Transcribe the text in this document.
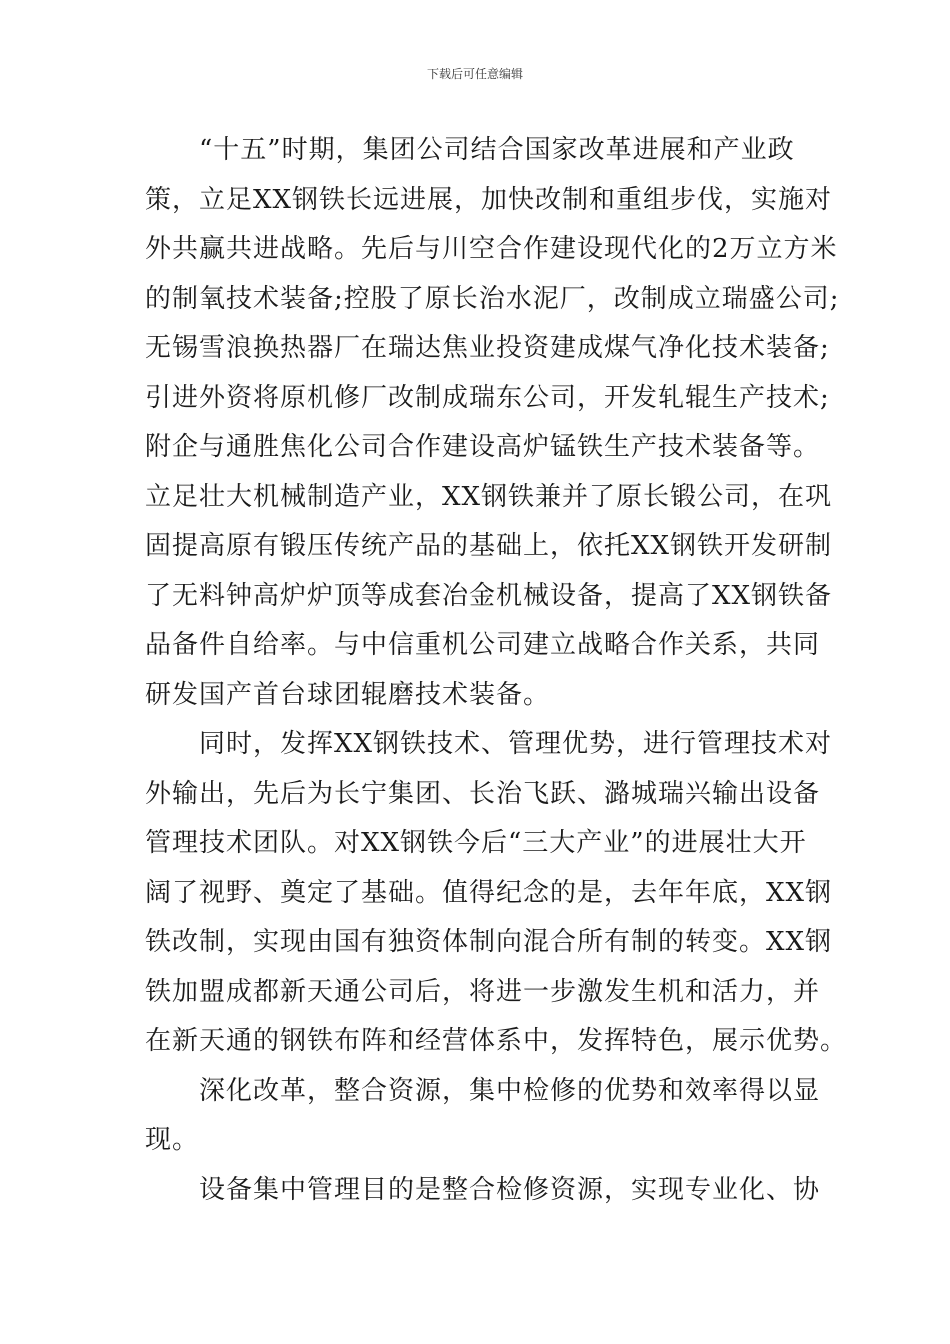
下载后可任意编辑
“十五”时期，集团公司结合国家改革进展和产业政
策，立足XX钢铁长远进展，加快改制和重组步伐，实施对
外共赢共进战略。先后与川空合作建设现代化的2万立方米
的制氧技术装备;控股了原长治水泥厂，改制成立瑞盛公司;
无锡雪浪换热器厂在瑞达焦业投资建成煤气净化技术装备;
引进外资将原机修厂改制成瑞东公司，开发轧辊生产技术;
附企与通胜焦化公司合作建设高炉锰铁生产技术装备等。
立足壮大机械制造产业，XX钢铁兼并了原长锻公司，在巩
固提高原有锻压传统产品的基础上，依托XX钢铁开发研制
了无料钟高炉炉顶等成套冶金机械设备，提高了XX钢铁备
品备件自给率。与中信重机公司建立战略合作关系，共同
研发国产首台球团辊磨技术装备。
同时，发挥XX钢铁技术、管理优势，进行管理技术对
外输出，先后为长宁集团、长治飞跃、潞城瑞兴输出设备
管理技术团队。对XX钢铁今后“三大产业”的进展壮大开
阔了视野、奠定了基础。值得纪念的是，去年年底，XX钢
铁改制，实现由国有独资体制向混合所有制的转变。XX钢
铁加盟成都新天通公司后，将进一步激发生机和活力，并
在新天通的钢铁布阵和经营体系中，发挥特色，展示优势。
深化改革，整合资源，集中检修的优势和效率得以显
现。
设备集中管理目的是整合检修资源，实现专业化、协
